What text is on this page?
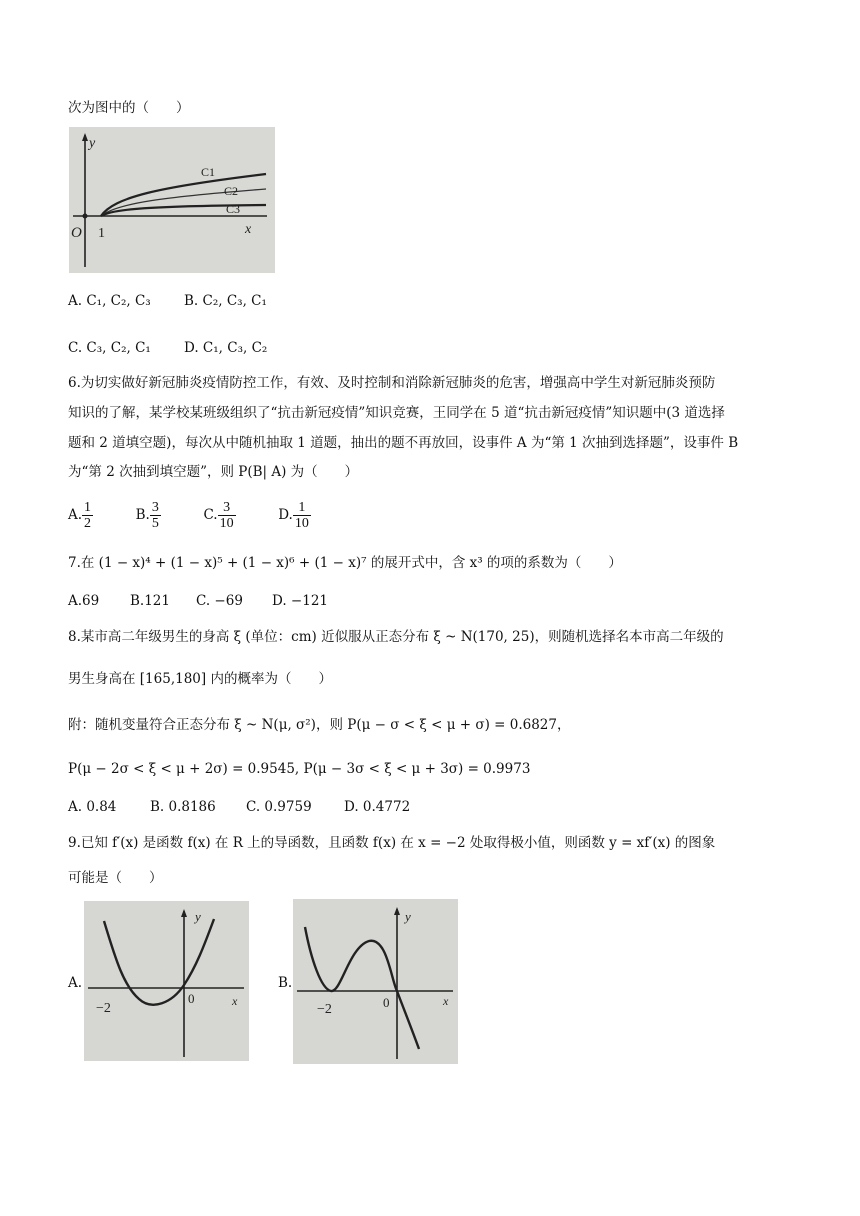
次为图中的（　　）
y
x
O 1
C1
C2
C3
A. C₁, C₂, C₃ B. C₂, C₃, C₁
C. C₃, C₂, C₁ D. C₁, C₃, C₂
6.为切实做好新冠肺炎疫情防控工作，有效、及时控制和消除新冠肺炎的危害，增强高中学生对新冠肺炎预防
知识的了解，某学校某班级组织了“抗击新冠疫情”知识竞赛，王同学在 5 道“抗击新冠疫情”知识题中(3 道选择
题和 2 道填空题)，每次从中随机抽取 1 道题，抽出的题不再放回，设事件 A 为“第 1 次抽到选择题”，设事件 B
为“第 2 次抽到填空题”，则 P(B| A) 为（　　）
A. $\frac{1}{2}$	B. $\frac{3}{5}$	C. $\frac{3}{10}$	D. $\frac{1}{10}$
7.在 (1 − x)⁴ + (1 − x)⁵ + (1 − x)⁶ + (1 − x)⁷ 的展开式中，含 x³ 的项的系数为（　　）
A.69 B.121 C. −69 D. −121
8.某市高二年级男生的身高 ξ (单位：cm) 近似服从正态分布 ξ ~ N(170, 25)，则随机选择名本市高二年级的
男生身高在 [165,180] 内的概率为（　　）
附：随机变量符合正态分布 ξ ~ N(μ, σ²)，则 P(μ − σ < ξ < μ + σ) = 0.6827，
P(μ − 2σ < ξ < μ + 2σ) = 0.9545, P(μ − 3σ < ξ < μ + 3σ) = 0.9973
A. 0.84 B. 0.8186 C. 0.9759 D. 0.4772
9.已知 f′(x) 是函数 f(x) 在 R 上的导函数，且函数 f(x) 在 x = −2 处取得极小值，则函数 y = xf′(x) 的图象
可能是（　　）
A.
y
x
0
−2
B.
y
x
0
−2
